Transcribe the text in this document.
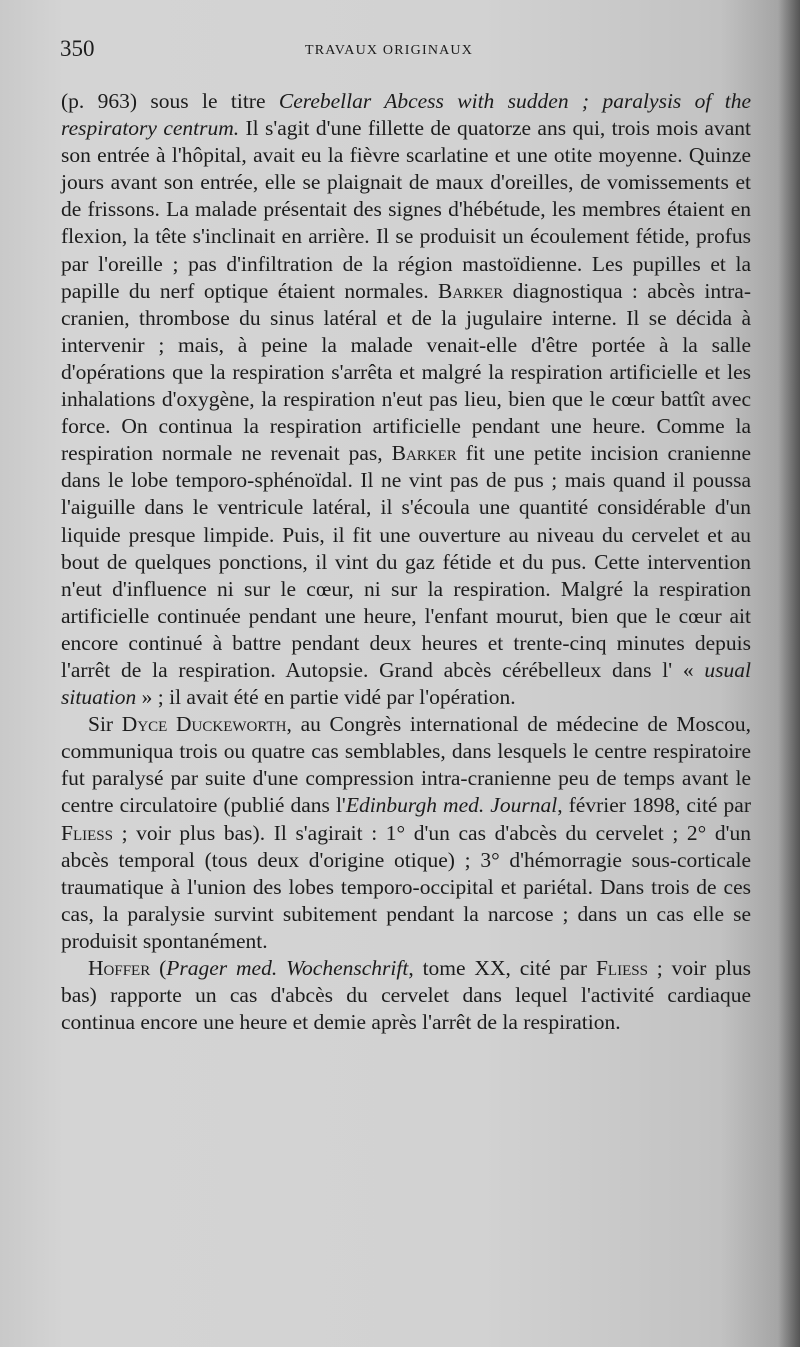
350	TRAVAUX ORIGINAUX

(p. 963) sous le titre Cerebellar Abcess with sudden ; paralysis of the respiratory centrum. Il s'agit d'une fillette de quatorze ans qui, trois mois avant son entrée à l'hôpital, avait eu la fièvre scarlatine et une otite moyenne. Quinze jours avant son entrée, elle se plaignait de maux d'oreilles, de vomissements et de frissons. La malade présentait des signes d'hébétude, les membres étaient en flexion, la tête s'inclinait en arrière. Il se produisit un écoulement fétide, profus par l'oreille ; pas d'infiltration de la région mastoïdienne. Les pupilles et la papille du nerf optique étaient normales. Barker diagnostiqua : abcès intra-cranien, thrombose du sinus latéral et de la jugulaire interne. Il se décida à intervenir ; mais, à peine la malade venait-elle d'être portée à la salle d'opérations que la respiration s'arrêta et malgré la respiration artificielle et les inhalations d'oxygène, la respiration n'eut pas lieu, bien que le cœur battît avec force. On continua la respiration artificielle pendant une heure. Comme la respiration normale ne revenait pas, Barker fit une petite incision cranienne dans le lobe temporo-sphénoïdal. Il ne vint pas de pus ; mais quand il poussa l'aiguille dans le ventricule latéral, il s'écoula une quantité considérable d'un liquide presque limpide. Puis, il fit une ouverture au niveau du cervelet et au bout de quelques ponctions, il vint du gaz fétide et du pus. Cette intervention n'eut d'influence ni sur le cœur, ni sur la respiration. Malgré la respiration artificielle continuée pendant une heure, l'enfant mourut, bien que le cœur ait encore continué à battre pendant deux heures et trente-cinq minutes depuis l'arrêt de la respiration. Autopsie. Grand abcès cérébelleux dans l' « usual situation » ; il avait été en partie vidé par l'opération.

Sir Dyce Duckeworth, au Congrès international de médecine de Moscou, communiqua trois ou quatre cas semblables, dans lesquels le centre respiratoire fut paralysé par suite d'une compression intra-cranienne peu de temps avant le centre circulatoire (publié dans l'Edinburgh med. Journal, février 1898, cité par Fliess ; voir plus bas). Il s'agirait : 1° d'un cas d'abcès du cervelet ; 2° d'un abcès temporal (tous deux d'origine otique) ; 3° d'hémorragie sous-corticale traumatique à l'union des lobes temporo-occipital et pariétal. Dans trois de ces cas, la paralysie survint subitement pendant la narcose ; dans un cas elle se produisit spontanément.

Hoffer (Prager med. Wochenschrift, tome XX, cité par Fliess ; voir plus bas) rapporte un cas d'abcès du cervelet dans lequel l'activité cardiaque continua encore une heure et demie après l'arrêt de la respiration.
